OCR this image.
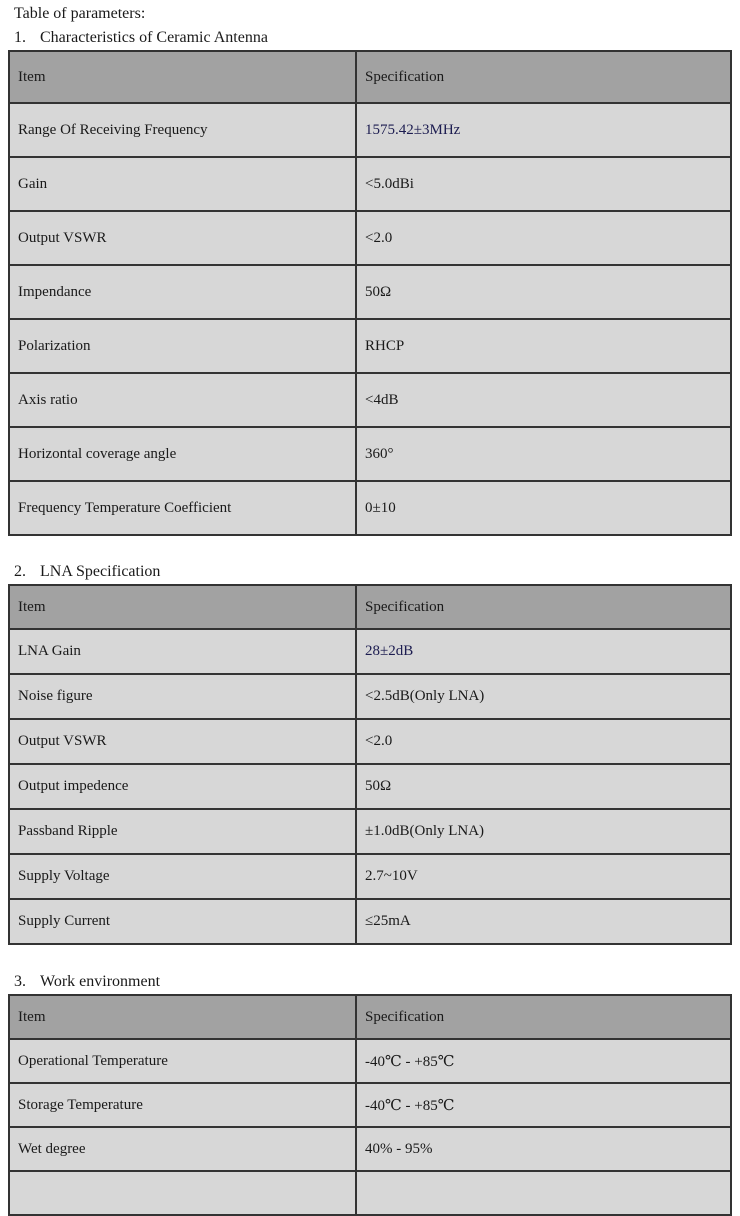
Table of parameters:
1. Characteristics of Ceramic Antenna
Item	Specification
Range Of Receiving Frequency	1575.42±3MHz
Gain	<5.0dBi
Output VSWR	<2.0
Impendance	50Ω
Polarization	RHCP
Axis ratio	<4dB
Horizontal coverage angle	360°
Frequency Temperature Coefficient	0±10
2. LNA Specification
Item	Specification
LNA Gain	28±2dB
Noise figure	<2.5dB(Only LNA)
Output VSWR	<2.0
Output impedence	50Ω
Passband Ripple	±1.0dB(Only LNA)
Supply Voltage	2.7~10V
Supply Current	≤25mA
3. Work environment
Item	Specification
Operational Temperature	-40℃ - +85℃
Storage Temperature	-40℃ - +85℃
Wet degree	40% - 95%
